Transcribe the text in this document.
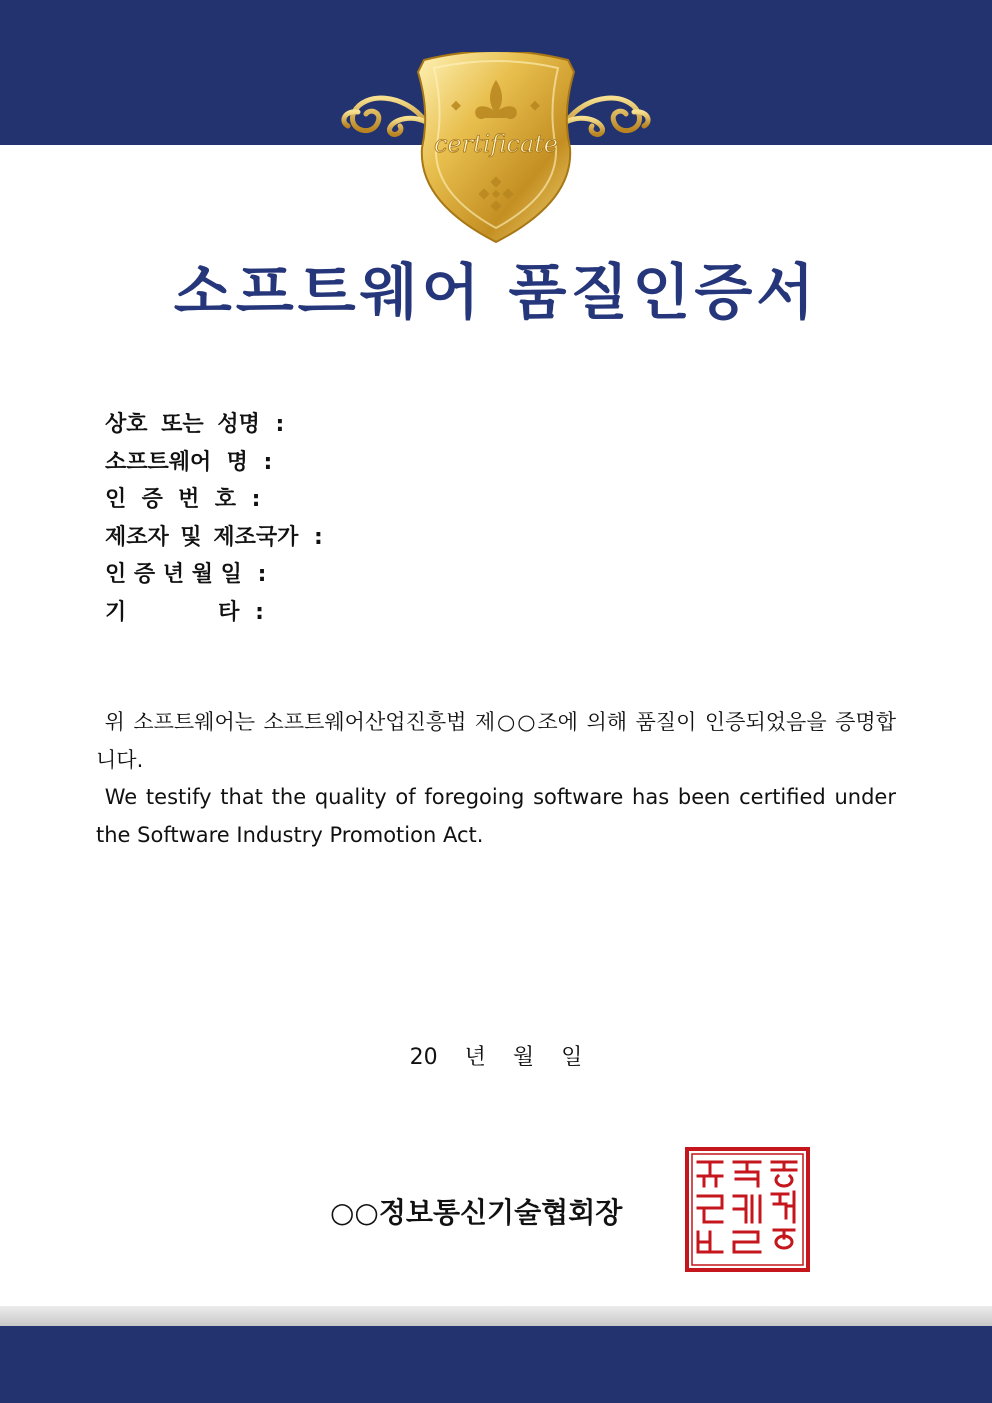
certificate
소프트웨어 품질인증서
상호 또는 성명 :
소프트웨어  명 :
인  증  번  호 :
제조자 및 제조국가 :
인 증 년 월 일 :
기            타 :

위 소프트웨어는 소프트웨어산업진흥법 제○○조에 의해 품질이 인증되었음을 증명합니다.

We testify that the quality of foregoing software has been certified under the Software Industry Promotion Act.

20 년 월 일
○○정보통신기술협회장
